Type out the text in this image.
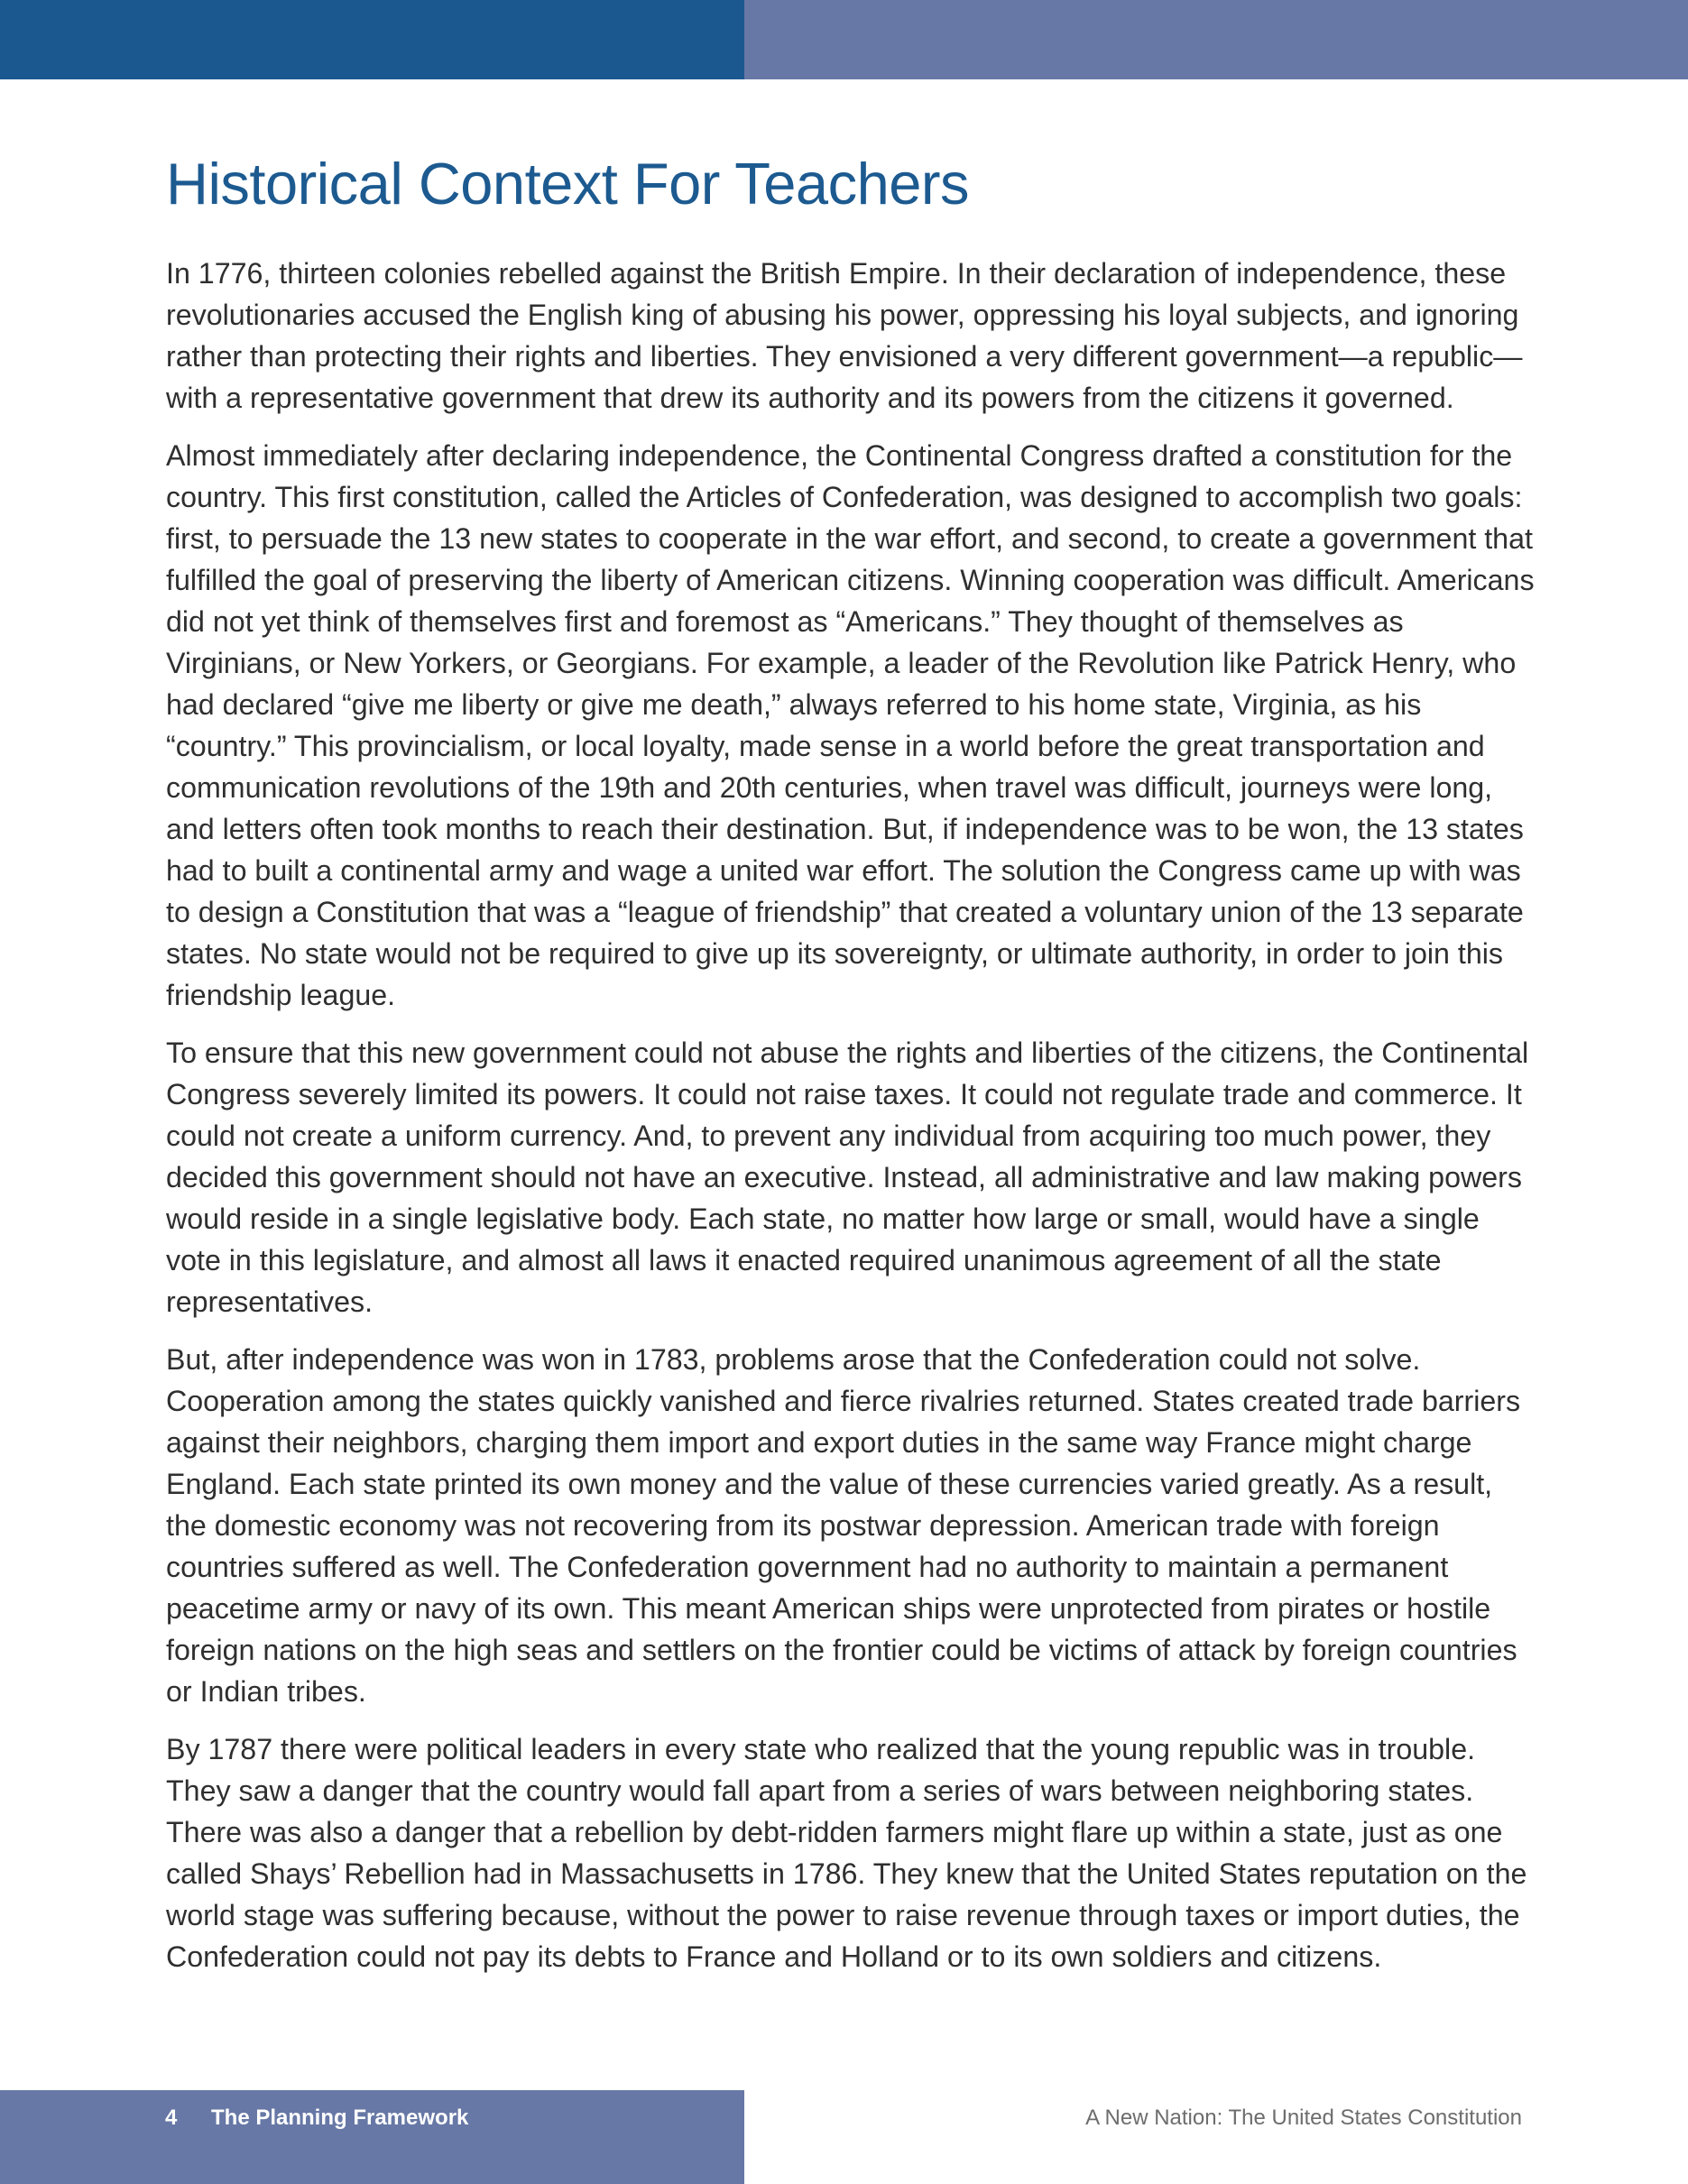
Historical Context For Teachers

In 1776, thirteen colonies rebelled against the British Empire. In their declaration of independence, these revolutionaries accused the English king of abusing his power, oppressing his loyal subjects, and ignoring rather than protecting their rights and liberties. They envisioned a very different government—a republic—with a representative government that drew its authority and its powers from the citizens it governed.

Almost immediately after declaring independence, the Continental Congress drafted a constitution for the country. This first constitution, called the Articles of Confederation, was designed to accomplish two goals: first, to persuade the 13 new states to cooperate in the war effort, and second, to create a government that fulfilled the goal of preserving the liberty of American citizens. Winning cooperation was difficult. Americans did not yet think of themselves first and foremost as “Americans.” They thought of themselves as Virginians, or New Yorkers, or Georgians. For example, a leader of the Revolution like Patrick Henry, who had declared “give me liberty or give me death,” always referred to his home state, Virginia, as his “country.” This provincialism, or local loyalty, made sense in a world before the great transportation and communication revolutions of the 19th and 20th centuries, when travel was difficult, journeys were long, and letters often took months to reach their destination. But, if independence was to be won, the 13 states had to built a continental army and wage a united war effort. The solution the Congress came up with was to design a Constitution that was a “league of friendship” that created a voluntary union of the 13 separate states. No state would not be required to give up its sovereignty, or ultimate authority, in order to join this friendship league.

To ensure that this new government could not abuse the rights and liberties of the citizens, the Continental Congress severely limited its powers. It could not raise taxes. It could not regulate trade and commerce. It could not create a uniform currency. And, to prevent any individual from acquiring too much power, they decided this government should not have an executive. Instead, all administrative and law making powers would reside in a single legislative body. Each state, no matter how large or small, would have a single vote in this legislature, and almost all laws it enacted required unanimous agreement of all the state representatives.

But, after independence was won in 1783, problems arose that the Confederation could not solve. Cooperation among the states quickly vanished and fierce rivalries returned. States created trade barriers against their neighbors, charging them import and export duties in the same way France might charge England. Each state printed its own money and the value of these currencies varied greatly. As a result, the domestic economy was not recovering from its postwar depression. American trade with foreign countries suffered as well. The Confederation government had no authority to maintain a permanent peacetime army or navy of its own. This meant American ships were unprotected from pirates or hostile foreign nations on the high seas and settlers on the frontier could be victims of attack by foreign countries or Indian tribes.

By 1787 there were political leaders in every state who realized that the young republic was in trouble. They saw a danger that the country would fall apart from a series of wars between neighboring states. There was also a danger that a rebellion by debt-ridden farmers might flare up within a state, just as one called Shays’ Rebellion had in Massachusetts in 1786. They knew that the United States reputation on the world stage was suffering because, without the power to raise revenue through taxes or import duties, the Confederation could not pay its debts to France and Holland or to its own soldiers and citizens.

4 The Planning Framework	A New Nation: The United States Constitution
